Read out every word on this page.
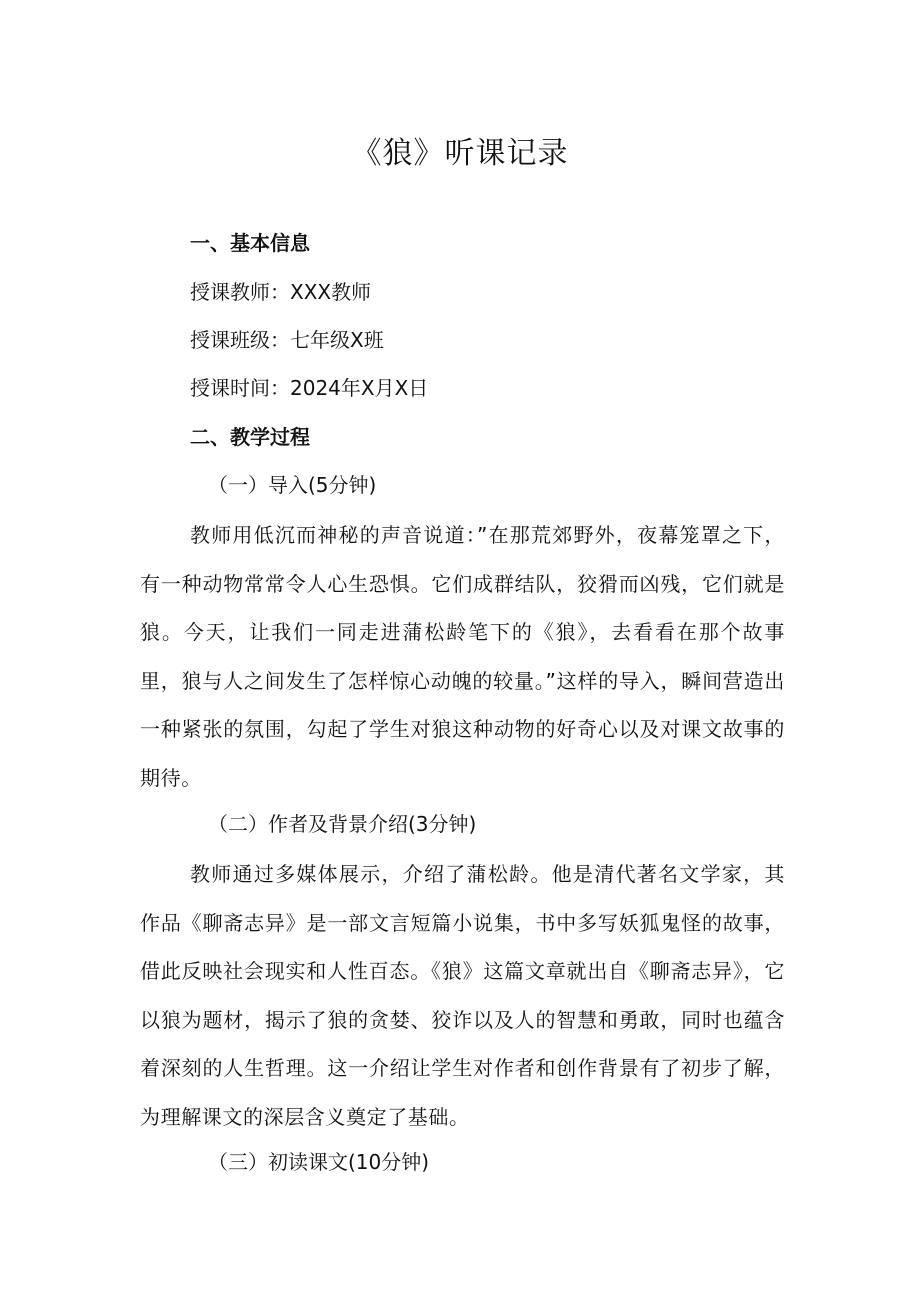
《狼》听课记录

一、基本信息

授课教师：XXX教师

授课班级：七年级X班

授课时间：2024年X月X日

二、教学过程

（一）导入(5分钟)

教师用低沉而神秘的声音说道：”在那荒郊野外，夜幕笼罩之下，有一种动物常常令人心生恐惧。它们成群结队，狡猾而凶残，它们就是狼。今天，让我们一同走进蒲松龄笔下的《狼》，去看看在那个故事里，狼与人之间发生了怎样惊心动魄的较量。”这样的导入，瞬间营造出一种紧张的氛围，勾起了学生对狼这种动物的好奇心以及对课文故事的期待。

（二）作者及背景介绍(3分钟)

教师通过多媒体展示，介绍了蒲松龄。他是清代著名文学家，其作品《聊斋志异》是一部文言短篇小说集，书中多写妖狐鬼怪的故事，借此反映社会现实和人性百态。《狼》这篇文章就出自《聊斋志异》，它以狼为题材，揭示了狼的贪婪、狡诈以及人的智慧和勇敢，同时也蕴含着深刻的人生哲理。这一介绍让学生对作者和创作背景有了初步了解，为理解课文的深层含义奠定了基础。

（三）初读课文(10分钟)
